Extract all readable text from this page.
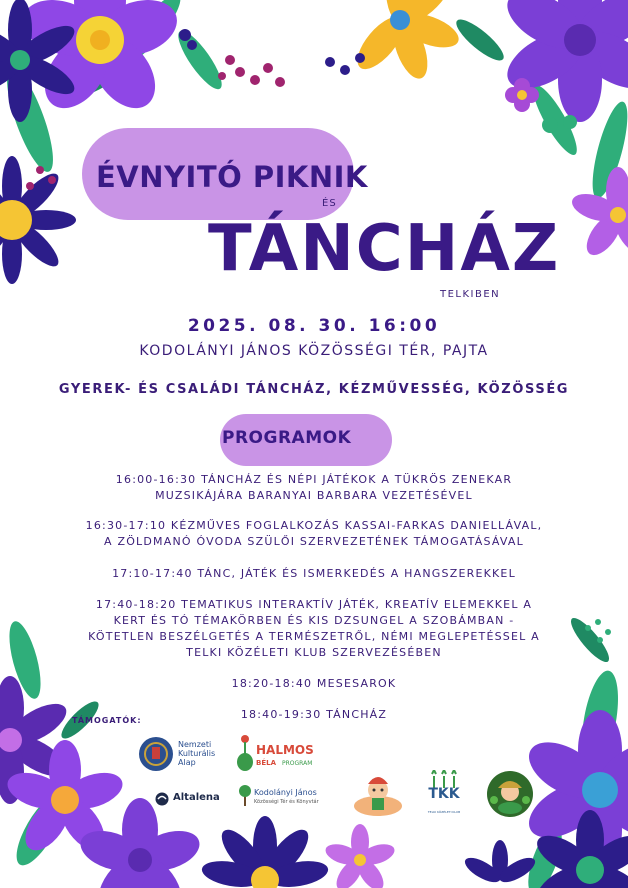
ÉVNYITÓ PIKNIK
ÉS
TÁNCHÁZ
TELKIBEN
2025. 08. 30. 16:00
KODOLÁNYI JÁNOS KÖZÖSSÉGI TÉR, PAJTA
GYEREK- ÉS CSALÁDI TÁNCHÁZ, KÉZMŰVESSÉG, KÖZÖSSÉG
PROGRAMOK
16:00-16:30 TÁNCHÁZ ÉS NÉPI JÁTÉKOK A TÜKRÖS ZENEKAR
MUZSIKÁJÁRA BARANYAI BARBARA VEZETÉSÉVEL
16:30-17:10 KÉZMŰVES FOGLALKOZÁS KASSAI-FARKAS DANIELLÁVAL,
A ZÖLDMANÓ ÓVODA SZÜLŐI SZERVEZETÉNEK TÁMOGATÁSÁVAL
17:10-17:40 TÁNC, JÁTÉK ÉS ISMERKEDÉS A HANGSZEREKKEL
17:40-18:20 TEMATIKUS INTERAKTÍV JÁTÉK, KREATÍV ELEMEKKEL A
KERT ÉS TÓ TÉMAKÖRBEN ÉS KIS DZSUNGEL A SZOBÁMBAN -
KÖTETLEN BESZÉLGETÉS A TERMÉSZETRŐL, NÉMI MEGLEPETÉSSEL A
TELKI KÖZÉLETI KLUB SZERVEZÉSÉBEN
18:20-18:40 MESESAROK
18:40-19:30 TÁNCHÁZ
TÁMOGATÓK:
Nemzeti
Kulturális
Alap
HALMOS
BÉLA PROGRAM
Altalena	Kodolányi János
Közösségi Tér és Könyvtár	TKK
TELKI KÖZÉLETI KLUB
